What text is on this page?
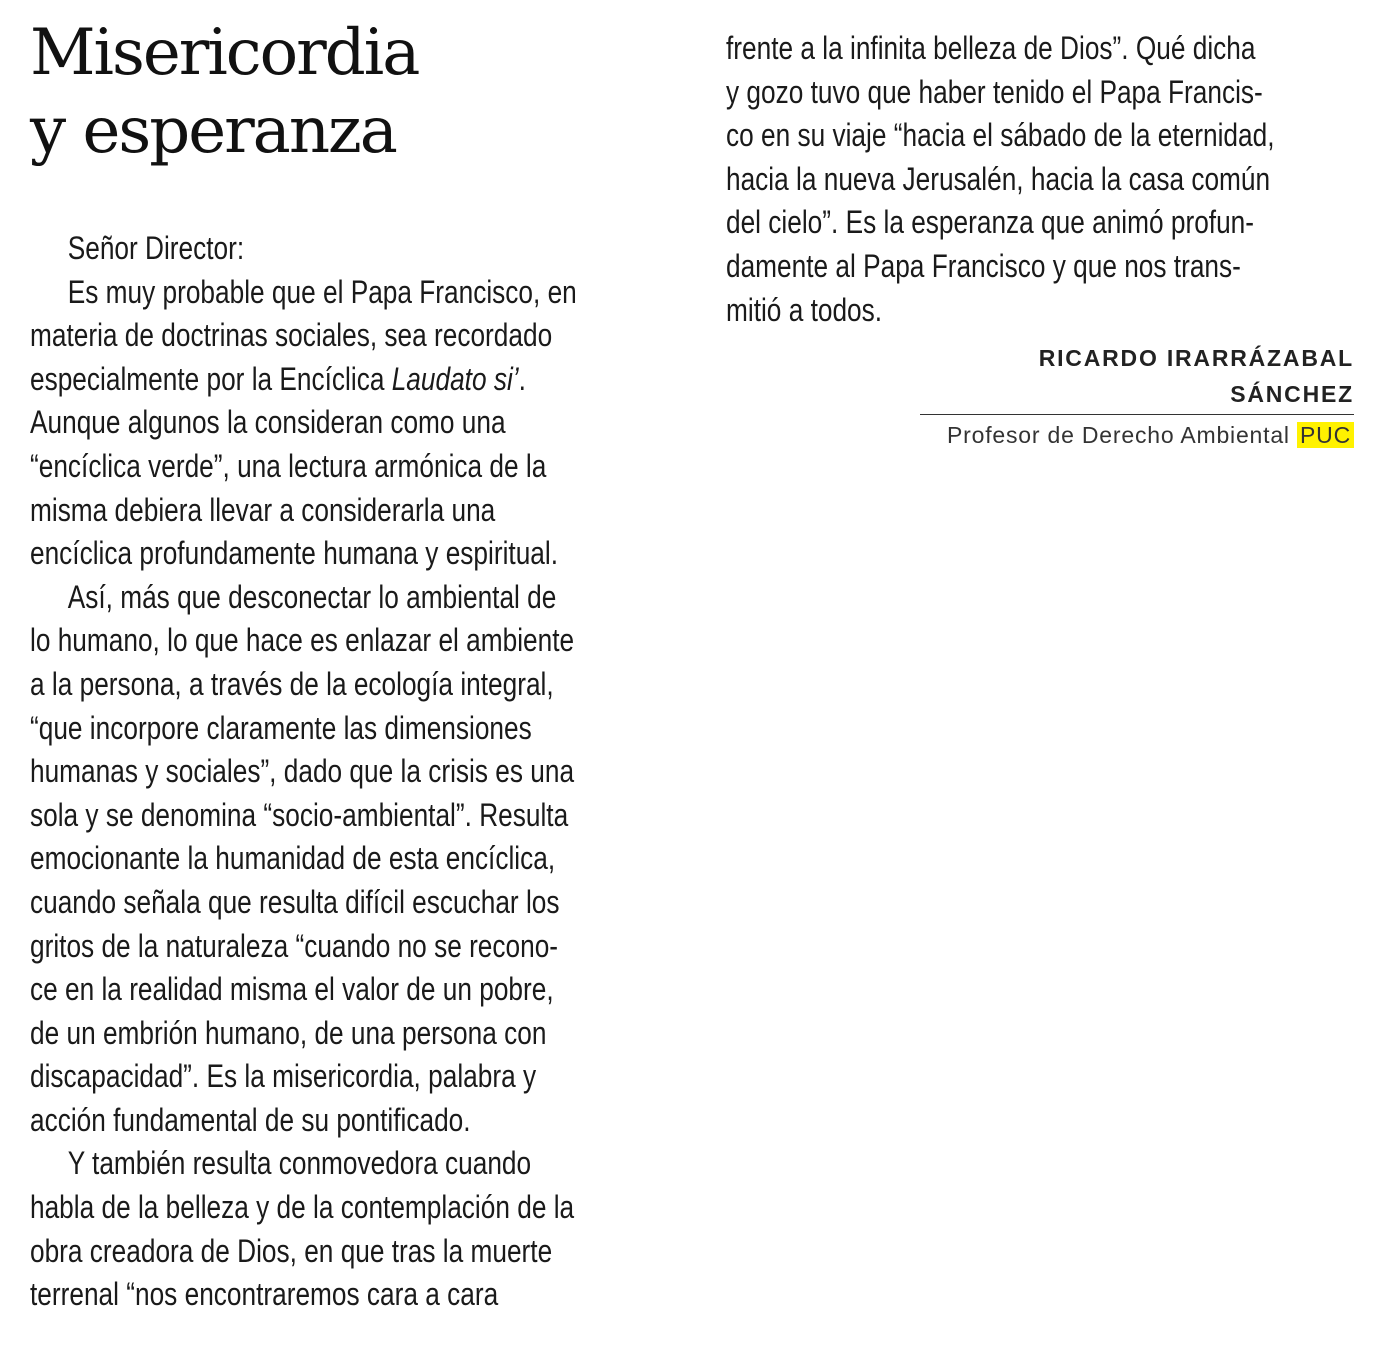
Misericordia
y esperanza
Señor Director:
Es muy probable que el Papa Francisco, en
materia de doctrinas sociales, sea recordado
especialmente por la Encíclica Laudato si’.
Aunque algunos la consideran como una
“encíclica verde”, una lectura armónica de la
misma debiera llevar a considerarla una
encíclica profundamente humana y espiritual.
Así, más que desconectar lo ambiental de
lo humano, lo que hace es enlazar el ambiente
a la persona, a través de la ecología integral,
“que incorpore claramente las dimensiones
humanas y sociales”, dado que la crisis es una
sola y se denomina “socio-ambiental”. Resulta
emocionante la humanidad de esta encíclica,
cuando señala que resulta difícil escuchar los
gritos de la naturaleza “cuando no se recono-
ce en la realidad misma el valor de un pobre,
de un embrión humano, de una persona con
discapacidad”. Es la misericordia, palabra y
acción fundamental de su pontificado.
Y también resulta conmovedora cuando
habla de la belleza y de la contemplación de la
obra creadora de Dios, en que tras la muerte
terrenal “nos encontraremos cara a cara
frente a la infinita belleza de Dios”. Qué dicha
y gozo tuvo que haber tenido el Papa Francis-
co en su viaje “hacia el sábado de la eternidad,
hacia la nueva Jerusalén, hacia la casa común
del cielo”. Es la esperanza que animó profun-
damente al Papa Francisco y que nos trans-
mitió a todos.
RICARDO IRARRÁZABAL SÁNCHEZ
Profesor de Derecho Ambiental PUC
